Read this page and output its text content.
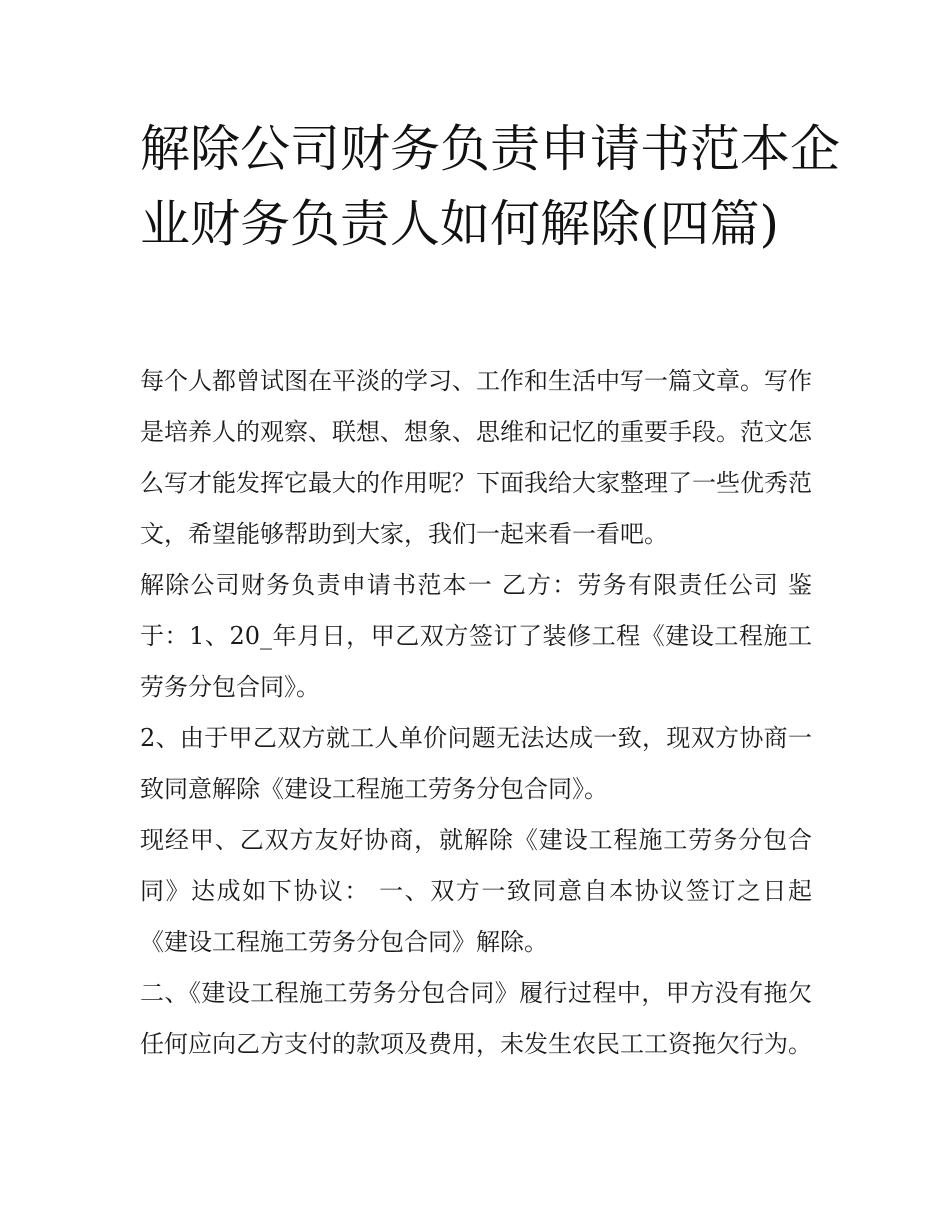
解除公司财务负责申请书范本企业财务负责人如何解除(四篇)

每个人都曾试图在平淡的学习、工作和生活中写一篇文章。写作是培养人的观察、联想、想象、思维和记忆的重要手段。范文怎么写才能发挥它最大的作用呢？下面我给大家整理了一些优秀范文，希望能够帮助到大家，我们一起来看一看吧。

解除公司财务负责申请书范本一 乙方：劳务有限责任公司 鉴于：1、20_年月日，甲乙双方签订了装修工程《建设工程施工劳务分包合同》。

2、由于甲乙双方就工人单价问题无法达成一致，现双方协商一致同意解除《建设工程施工劳务分包合同》。

现经甲、乙双方友好协商，就解除《建设工程施工劳务分包合同》达成如下协议： 一、双方一致同意自本协议签订之日起《建设工程施工劳务分包合同》解除。

二、《建设工程施工劳务分包合同》履行过程中，甲方没有拖欠任何应向乙方支付的款项及费用，未发生农民工工资拖欠行为。
